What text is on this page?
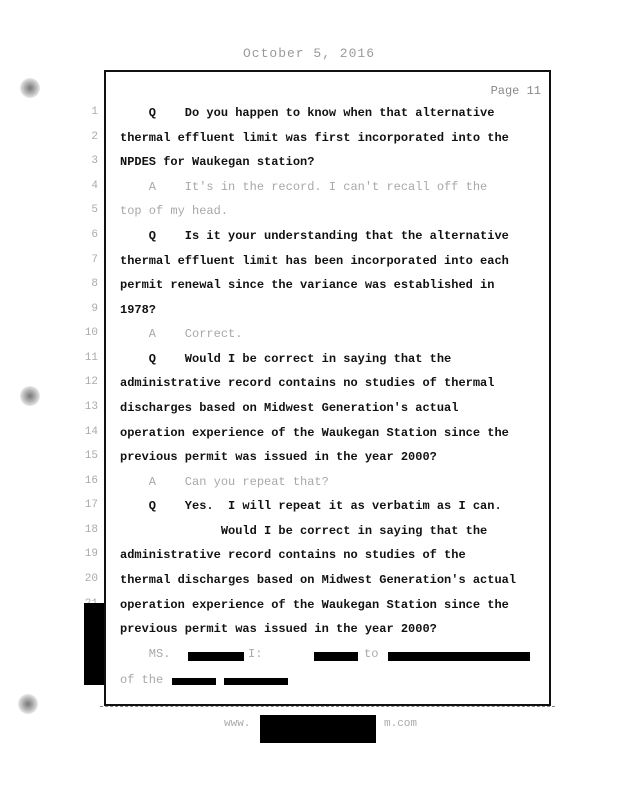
October 5, 2016
Page 11
1 Q    Do you happen to know when that alternative
2 thermal effluent limit was first incorporated into the
3 NPDES for Waukegan station?
4 A    It's in the record. I can't recall off the
5 top of my head.
6 Q    Is it your understanding that the alternative
7 thermal effluent limit has been incorporated into each
8 permit renewal since the variance was established in
9 1978?
10 A    Correct.
11 Q    Would I be correct in saying that the
12 administrative record contains no studies of thermal
13 discharges based on Midwest Generation's actual
14 operation experience of the Waukegan Station since the
15 previous permit was issued in the year 2000?
16 A    Can you repeat that?
17 Q    Yes.  I will repeat it as verbatim as I can.
18 Would I be correct in saying that the
19 administrative record contains no studies of the
20 thermal discharges based on Midwest Generation's actual
operation experience of the Waukegan Station since the
previous permit was issued in the year 2000?
MS.
of the
www.	m.com
I:	to
